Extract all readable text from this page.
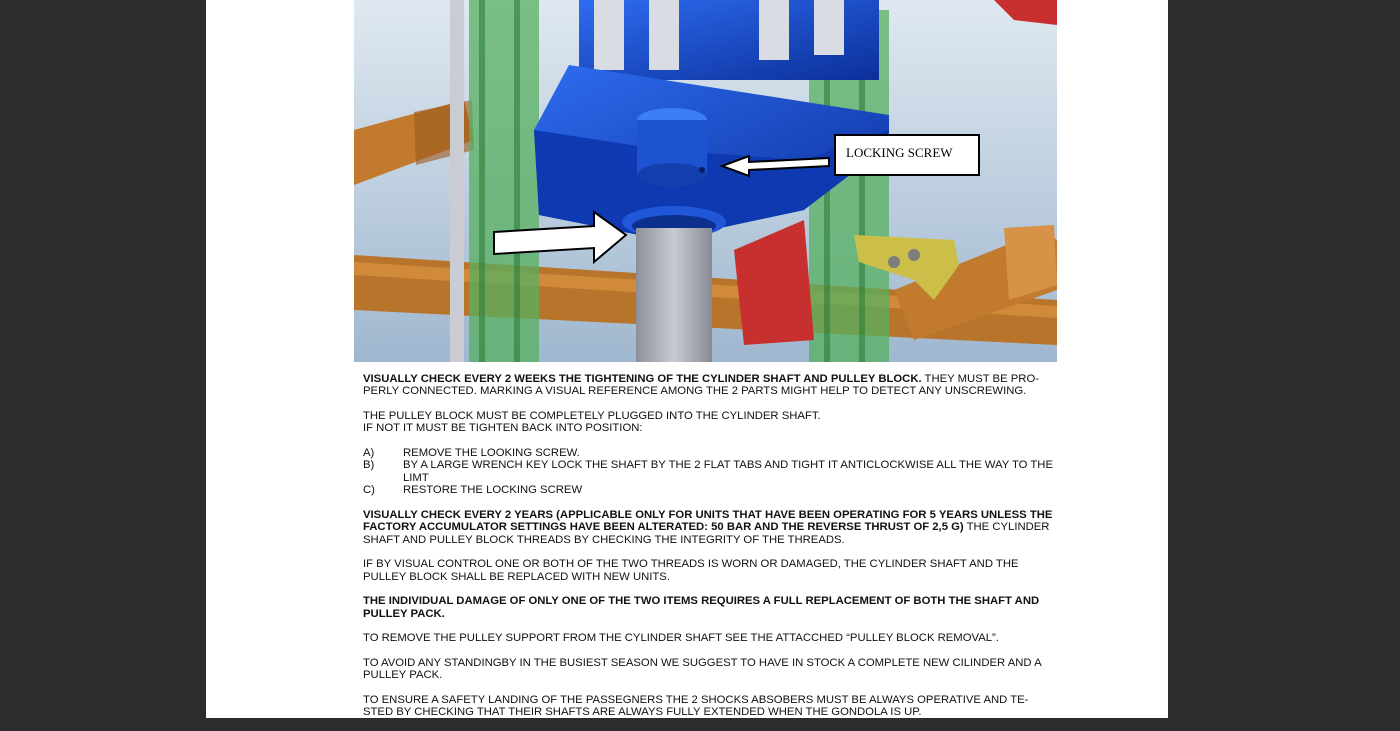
LOCKING SCREW

VISUALLY CHECK EVERY 2 WEEKS THE TIGHTENING OF THE CYLINDER SHAFT AND PULLEY BLOCK. THEY MUST BE PRO-PERLY CONNECTED. MARKING A VISUAL REFERENCE AMONG THE 2 PARTS MIGHT HELP TO DETECT ANY UNSCREWING.

THE PULLEY BLOCK MUST BE COMPLETELY PLUGGED INTO THE CYLINDER SHAFT.
IF NOT IT MUST BE TIGHTEN BACK INTO POSITION:

A)	REMOVE THE LOOKING SCREW.
B)	BY A LARGE WRENCH KEY LOCK THE SHAFT BY THE 2 FLAT TABS AND TIGHT IT ANTICLOCKWISE ALL THE WAY TO THE LIMT
C)	RESTORE THE LOCKING SCREW

VISUALLY CHECK EVERY 2 YEARS (APPLICABLE ONLY FOR UNITS THAT HAVE BEEN OPERATING FOR 5 YEARS UNLESS THE FACTORY ACCUMULATOR SETTINGS HAVE BEEN ALTERATED: 50 BAR AND THE REVERSE THRUST OF 2,5 G) THE CYLINDER SHAFT AND PULLEY BLOCK THREADS BY CHECKING THE INTEGRITY OF THE THREADS.

IF BY VISUAL CONTROL ONE OR BOTH OF THE TWO THREADS IS WORN OR DAMAGED, THE CYLINDER SHAFT AND THE PULLEY BLOCK SHALL BE REPLACED WITH NEW UNITS.

THE INDIVIDUAL DAMAGE OF ONLY ONE OF THE TWO ITEMS REQUIRES A FULL REPLACEMENT OF BOTH THE SHAFT AND PULLEY PACK.

TO REMOVE THE PULLEY SUPPORT FROM THE CYLINDER SHAFT SEE THE ATTACCHED “PULLEY BLOCK REMOVAL”.

TO AVOID ANY STANDINGBY IN THE BUSIEST SEASON WE SUGGEST TO HAVE IN STOCK A COMPLETE NEW CILINDER AND A PULLEY PACK.

TO ENSURE A SAFETY LANDING OF THE PASSEGNERS THE 2 SHOCKS ABSOBERS MUST BE ALWAYS OPERATIVE AND TE-STED BY CHECKING THAT THEIR SHAFTS ARE ALWAYS FULLY EXTENDED WHEN THE GONDOLA IS UP.
